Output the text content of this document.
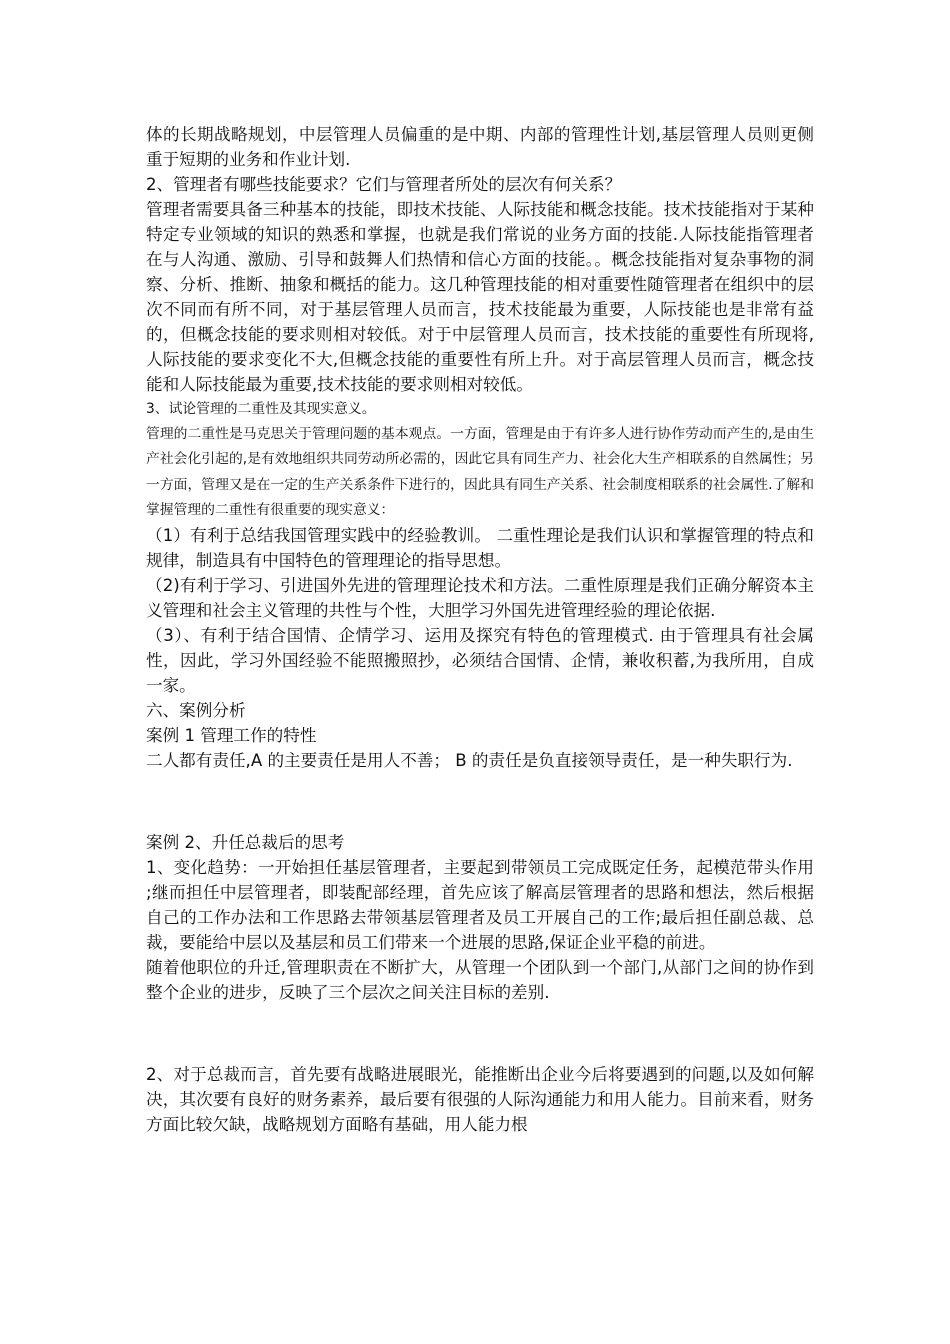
体的长期战略规划，中层管理人员偏重的是中期、内部的管理性计划,基层管理人员则更侧重于短期的业务和作业计划.

2、管理者有哪些技能要求？它们与管理者所处的层次有何关系？

管理者需要具备三种基本的技能，即技术技能、人际技能和概念技能。技术技能指对于某种特定专业领域的知识的熟悉和掌握，也就是我们常说的业务方面的技能.人际技能指管理者在与人沟通、激励、引导和鼓舞人们热情和信心方面的技能。。概念技能指对复杂事物的洞察、分析、推断、抽象和概括的能力。这几种管理技能的相对重要性随管理者在组织中的层次不同而有所不同，对于基层管理人员而言，技术技能最为重要，人际技能也是非常有益的，但概念技能的要求则相对较低。对于中层管理人员而言，技术技能的重要性有所现将,人际技能的要求变化不大,但概念技能的重要性有所上升。对于高层管理人员而言，概念技能和人际技能最为重要,技术技能的要求则相对较低。

3、试论管理的二重性及其现实意义。

管理的二重性是马克思关于管理问题的基本观点。一方面，管理是由于有许多人进行协作劳动而产生的,是由生产社会化引起的,是有效地组织共同劳动所必需的，因此它具有同生产力、社会化大生产相联系的自然属性；另一方面，管理又是在一定的生产关系条件下进行的，因此具有同生产关系、社会制度相联系的社会属性.了解和掌握管理的二重性有很重要的现实意义：

（1）有利于总结我国管理实践中的经验教训。 二重性理论是我们认识和掌握管理的特点和规律，制造具有中国特色的管理理论的指导思想。

（2)有利于学习、引进国外先进的管理理论技术和方法。二重性原理是我们正确分解资本主义管理和社会主义管理的共性与个性，大胆学习外国先进管理经验的理论依据.

（3）、有利于结合国情、企情学习、运用及探究有特色的管理模式. 由于管理具有社会属性，因此，学习外国经验不能照搬照抄，必须结合国情、企情，兼收积蓄,为我所用，自成一家。

六、案例分析

案例 1 管理工作的特性

二人都有责任,A 的主要责任是用人不善； B 的责任是负直接领导责任，是一种失职行为.

案例 2、升任总裁后的思考

1、变化趋势：一开始担任基层管理者，主要起到带领员工完成既定任务，起模范带头作用 ;继而担任中层管理者，即装配部经理，首先应该了解高层管理者的思路和想法，然后根据自己的工作办法和工作思路去带领基层管理者及员工开展自己的工作;最后担任副总裁、总裁，要能给中层以及基层和员工们带来一个进展的思路,保证企业平稳的前进。

随着他职位的升迁,管理职责在不断扩大，从管理一个团队到一个部门,从部门之间的协作到整个企业的进步，反映了三个层次之间关注目标的差别.

2、对于总裁而言，首先要有战略进展眼光，能推断出企业今后将要遇到的问题,以及如何解决，其次要有良好的财务素养，最后要有很强的人际沟通能力和用人能力。目前来看，财务方面比较欠缺，战略规划方面略有基础，用人能力根
